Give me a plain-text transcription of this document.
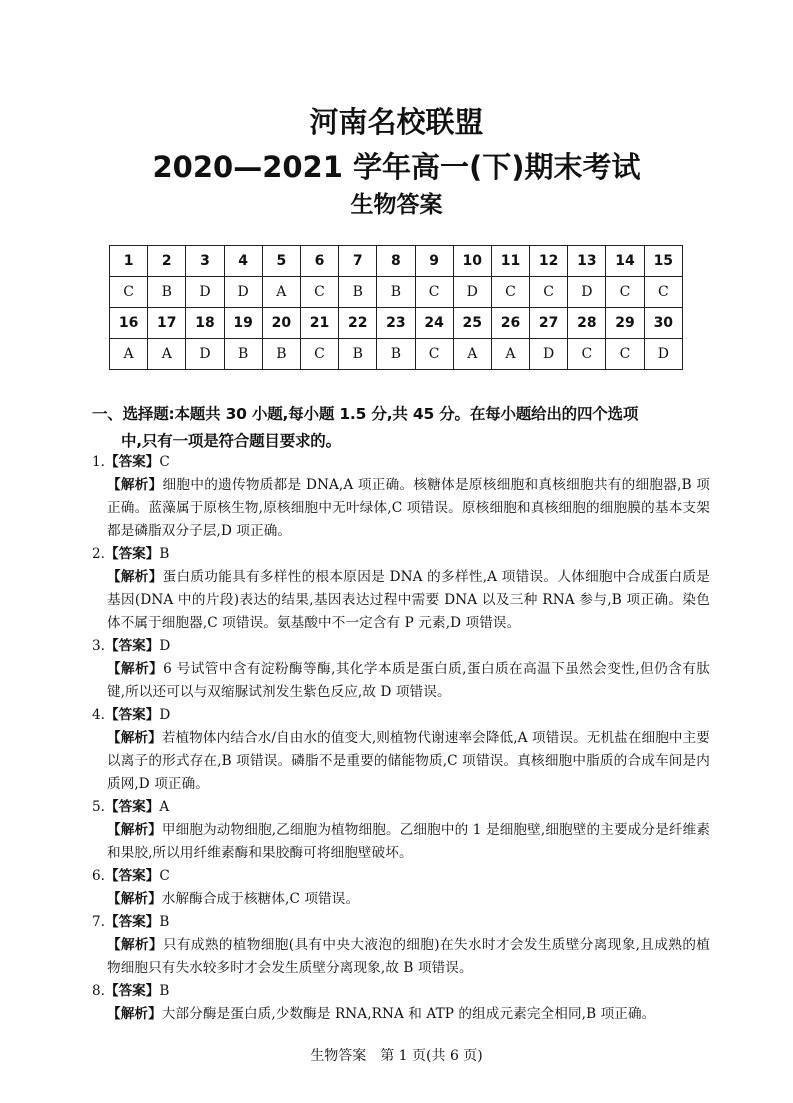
河南名校联盟
2020—2021 学年高一(下)期末考试
生物答案
1	2	3	4	5	6	7	8	9	10	11	12	13	14	15
C	B	D	D	A	C	B	B	C	D	C	C	D	C	C
16	17	18	19	20	21	22	23	24	25	26	27	28	29	30
A	A	D	B	B	C	B	B	C	A	A	D	C	C	D
一、选择题:本题共 30 小题,每小题 1.5 分,共 45 分。在每小题给出的四个选项
中,只有一项是符合题目要求的。
1.【答案】C
【解析】细胞中的遗传物质都是 DNA,A 项正确。核糖体是原核细胞和真核细胞共有的细胞器,B 项正确。蓝藻属于原核生物,原核细胞中无叶绿体,C 项错误。原核细胞和真核细胞的细胞膜的基本支架都是磷脂双分子层,D 项正确。
2.【答案】B
【解析】蛋白质功能具有多样性的根本原因是 DNA 的多样性,A 项错误。人体细胞中合成蛋白质是基因(DNA 中的片段)表达的结果,基因表达过程中需要 DNA 以及三种 RNA 参与,B 项正确。染色体不属于细胞器,C 项错误。氨基酸中不一定含有 P 元素,D 项错误。
3.【答案】D
【解析】6 号试管中含有淀粉酶等酶,其化学本质是蛋白质,蛋白质在高温下虽然会变性,但仍含有肽键,所以还可以与双缩脲试剂发生紫色反应,故 D 项错误。
4.【答案】D
【解析】若植物体内结合水/自由水的值变大,则植物代谢速率会降低,A 项错误。无机盐在细胞中主要以离子的形式存在,B 项错误。磷脂不是重要的储能物质,C 项错误。真核细胞中脂质的合成车间是内质网,D 项正确。
5.【答案】A
【解析】甲细胞为动物细胞,乙细胞为植物细胞。乙细胞中的 1 是细胞壁,细胞壁的主要成分是纤维素和果胶,所以用纤维素酶和果胶酶可将细胞壁破坏。
6.【答案】C
【解析】水解酶合成于核糖体,C 项错误。
7.【答案】B
【解析】只有成熟的植物细胞(具有中央大液泡的细胞)在失水时才会发生质壁分离现象,且成熟的植物细胞只有失水较多时才会发生质壁分离现象,故 B 项错误。
8.【答案】B
【解析】大部分酶是蛋白质,少数酶是 RNA,RNA 和 ATP 的组成元素完全相同,B 项正确。
生物答案　第 1 页(共 6 页)
